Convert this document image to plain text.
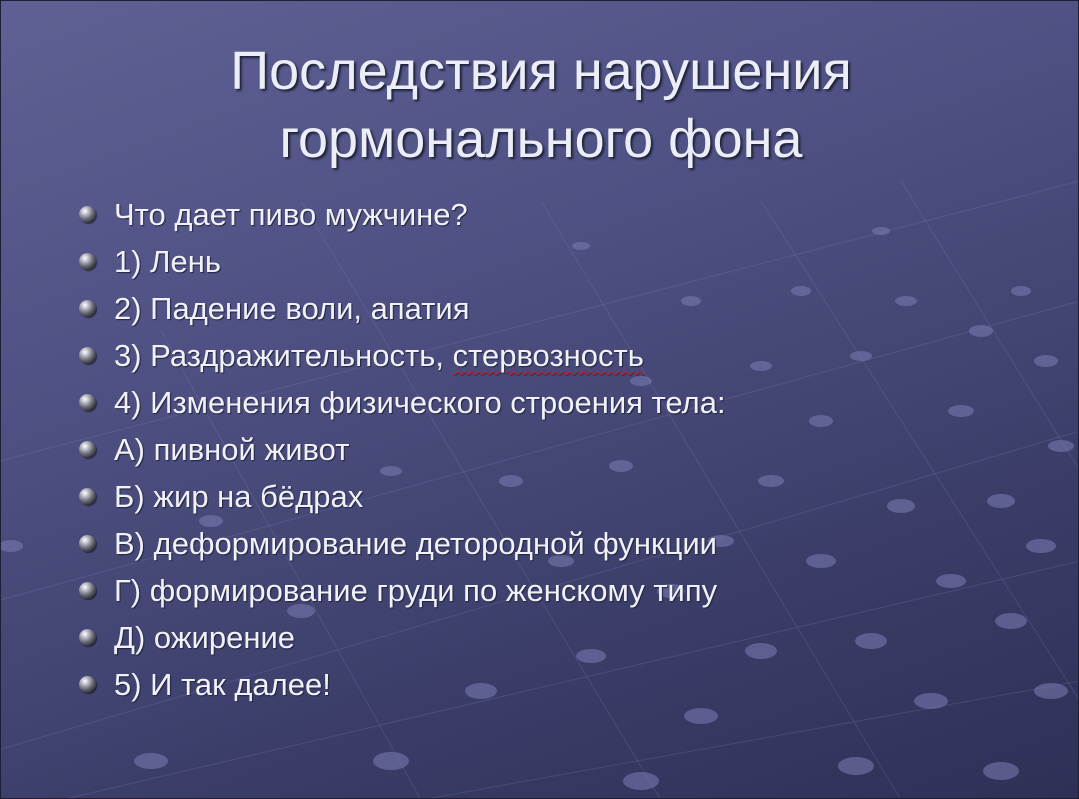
Последствия нарушения
гормонального фона
Что дает пиво мужчине?
1) Лень
2) Падение воли, апатия
3) Раздражительность, стервозность
4) Изменения физического строения тела:
А) пивной живот
Б) жир на бёдрах
В) деформирование детородной функции
Г) формирование груди по женскому типу
Д) ожирение
5) И так далее!
